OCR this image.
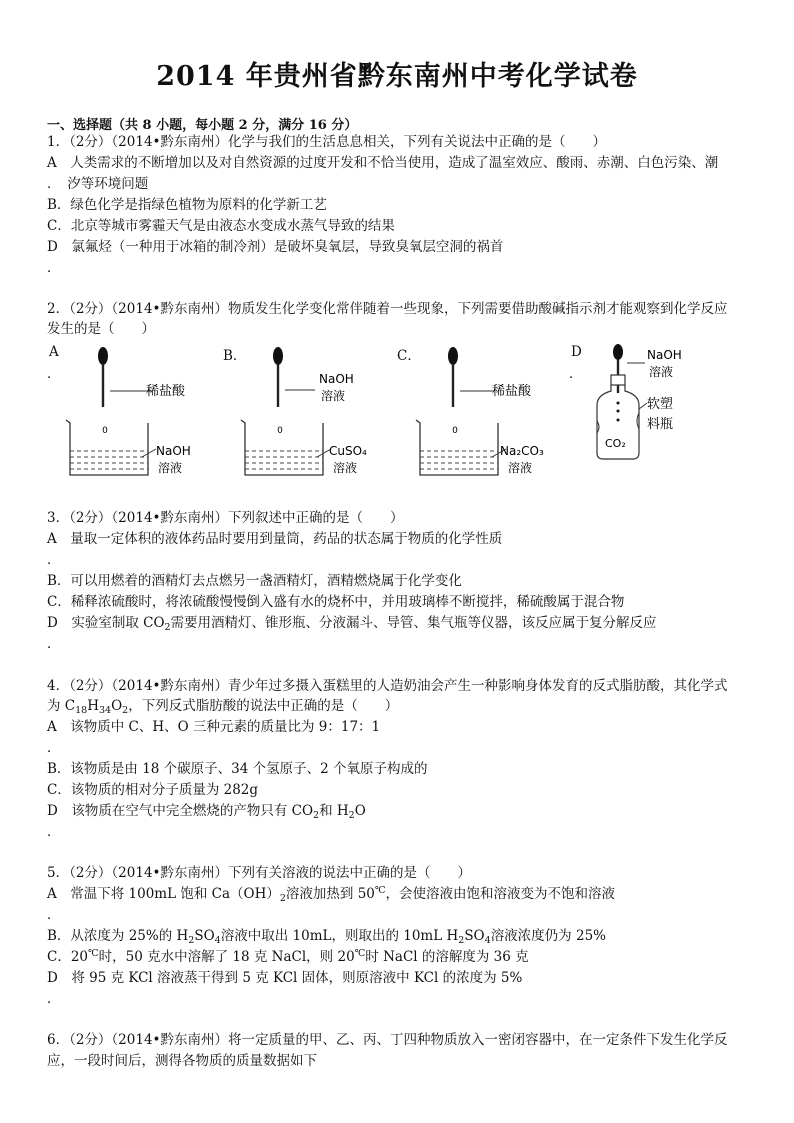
2014 年贵州省黔东南州中考化学试卷
一、选择题（共 8 小题，每小题 2 分，满分 16 分）
1．（2分）（2014•黔东南州）化学与我们的生活息息相关，下列有关说法中正确的是（　　）
A　人类需求的不断增加以及对自然资源的过度开发和不恰当使用，造成了温室效应、酸雨、赤潮、白色污染、潮
．　汐等环境问题
B．绿色化学是指绿色植物为原料的化学新工艺
C．北京等城市雾霾天气是由液态水变成水蒸气导致的结果
D　氯氟烃（一种用于冰箱的制冷剂）是破坏臭氧层，导致臭氧层空洞的祸首
．
2．（2分）（2014•黔东南州）物质发生化学变化常伴随着一些现象，下列需要借助酸碱指示剂才能观察到化学反应
发生的是（　　）
A
．
B．	C．	D
．
0
稀盐酸
NaOH
溶液
0
NaOH
溶液
CuSO₄
溶液
0
稀盐酸
Na₂CO₃
溶液
NaOH
溶液
软塑
料瓶
CO₂
3．（2分）（2014•黔东南州）下列叙述中正确的是（　　）
A　量取一定体积的液体药品时要用到量筒，药品的状态属于物质的化学性质
．
B．可以用燃着的酒精灯去点燃另一盏酒精灯，酒精燃烧属于化学变化
C．稀释浓硫酸时，将浓硫酸慢慢倒入盛有水的烧杯中，并用玻璃棒不断搅拌，稀硫酸属于混合物
D　实验室制取 $CO_2$需要用酒精灯、锥形瓶、分液漏斗、导管、集气瓶等仪器，该反应属于复分解反应
．
4．（2分）（2014•黔东南州）青少年过多摄入蛋糕里的人造奶油会产生一种影响身体发育的反式脂肪酸，其化学式
为 $C_{18}H_{34}O_2$，下列反式脂肪酸的说法中正确的是（　　）
A　该物质中 C、H、O 三种元素的质量比为 9：17：1
．
B．该物质是由 18 个碳原子、34 个氢原子、2 个氧原子构成的
C．该物质的相对分子质量为 282g
D　该物质在空气中完全燃烧的产物只有 $CO_2$和 $H_2O$
．
5．（2分）（2014•黔东南州）下列有关溶液的说法中正确的是（　　）
A　常温下将 100mL 饱和 $Ca(OH)_2$溶液加热到 50℃，会使溶液由饱和溶液变为不饱和溶液
．
B．从浓度为 25%的 $H_2SO_4$溶液中取出 10mL，则取出的 10mL $H_2SO_4$溶液浓度仍为 25%
C．20℃时，50 克水中溶解了 18 克 NaCl，则 20℃时 NaCl 的溶解度为 36 克
D　将 95 克 KCl 溶液蒸干得到 5 克 KCl 固体，则原溶液中 KCl 的浓度为 5%
．
6．（2分）（2014•黔东南州）将一定质量的甲、乙、丙、丁四种物质放入一密闭容器中，在一定条件下发生化学反
应，一段时间后，测得各物质的质量数据如下
